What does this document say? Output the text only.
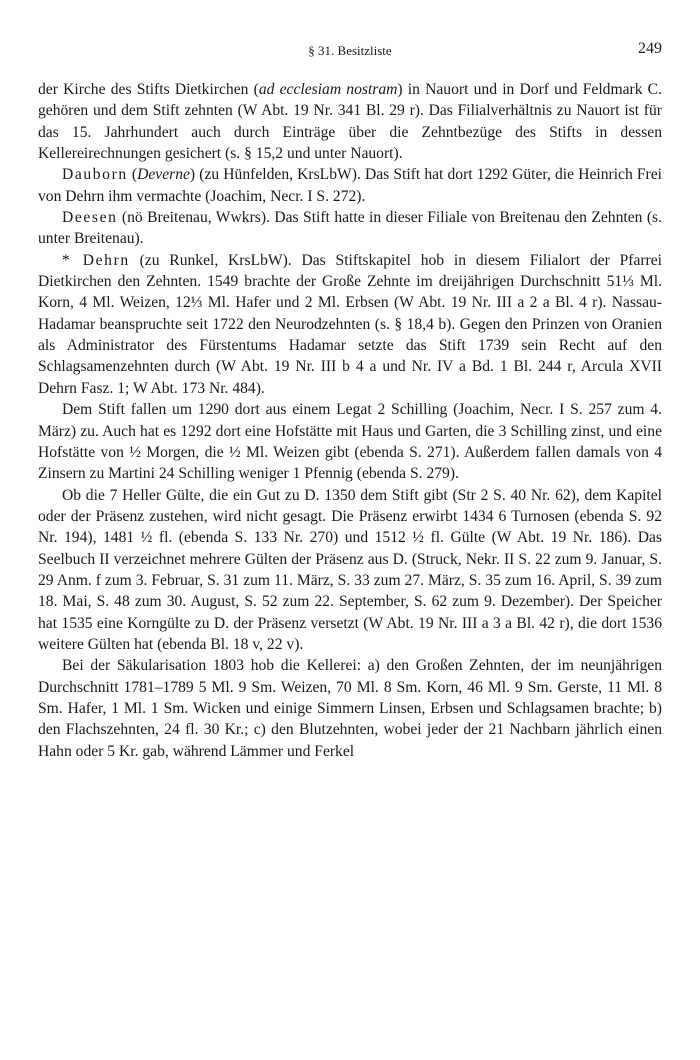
§ 31. Besitzliste	249

der Kirche des Stifts Dietkirchen (ad ecclesiam nostram) in Nauort und in Dorf und Feldmark C. gehören und dem Stift zehnten (W Abt. 19 Nr. 341 Bl. 29 r). Das Filialverhältnis zu Nauort ist für das 15. Jahrhundert auch durch Einträge über die Zehntbezüge des Stifts in dessen Kellereirechnungen gesichert (s. § 15,2 und unter Nauort).

Dauborn (Deverne) (zu Hünfelden, KrsLbW). Das Stift hat dort 1292 Güter, die Heinrich Frei von Dehrn ihm vermachte (Joachim, Necr. I S. 272).

Deesen (nö Breitenau, Wwkrs). Das Stift hatte in dieser Filiale von Breitenau den Zehnten (s. unter Breitenau).

* Dehrn (zu Runkel, KrsLbW). Das Stiftskapitel hob in diesem Filialort der Pfarrei Dietkirchen den Zehnten. 1549 brachte der Große Zehnte im dreijährigen Durchschnitt 51⅓ Ml. Korn, 4 Ml. Weizen, 12⅓ Ml. Hafer und 2 Ml. Erbsen (W Abt. 19 Nr. III a 2 a Bl. 4 r). Nassau-Hadamar beanspruchte seit 1722 den Neurodzehnten (s. § 18,4 b). Gegen den Prinzen von Oranien als Administrator des Fürstentums Hadamar setzte das Stift 1739 sein Recht auf den Schlagsamenzehnten durch (W Abt. 19 Nr. III b 4 a und Nr. IV a Bd. 1 Bl. 244 r, Arcula XVII Dehrn Fasz. 1; W Abt. 173 Nr. 484).

Dem Stift fallen um 1290 dort aus einem Legat 2 Schilling (Joachim, Necr. I S. 257 zum 4. März) zu. Auch hat es 1292 dort eine Hofstätte mit Haus und Garten, die 3 Schilling zinst, und eine Hofstätte von ½ Morgen, die ½ Ml. Weizen gibt (ebenda S. 271). Außerdem fallen damals von 4 Zinsern zu Martini 24 Schilling weniger 1 Pfennig (ebenda S. 279).

Ob die 7 Heller Gülte, die ein Gut zu D. 1350 dem Stift gibt (Str 2 S. 40 Nr. 62), dem Kapitel oder der Präsenz zustehen, wird nicht gesagt. Die Präsenz erwirbt 1434 6 Turnosen (ebenda S. 92 Nr. 194), 1481 ½ fl. (ebenda S. 133 Nr. 270) und 1512 ½ fl. Gülte (W Abt. 19 Nr. 186). Das Seelbuch II verzeichnet mehrere Gülten der Präsenz aus D. (Struck, Nekr. II S. 22 zum 9. Januar, S. 29 Anm. f zum 3. Februar, S. 31 zum 11. März, S. 33 zum 27. März, S. 35 zum 16. April, S. 39 zum 18. Mai, S. 48 zum 30. August, S. 52 zum 22. September, S. 62 zum 9. Dezember). Der Speicher hat 1535 eine Korngülte zu D. der Präsenz versetzt (W Abt. 19 Nr. III a 3 a Bl. 42 r), die dort 1536 weitere Gülten hat (ebenda Bl. 18 v, 22 v).

Bei der Säkularisation 1803 hob die Kellerei: a) den Großen Zehnten, der im neunjährigen Durchschnitt 1781–1789 5 Ml. 9 Sm. Weizen, 70 Ml. 8 Sm. Korn, 46 Ml. 9 Sm. Gerste, 11 Ml. 8 Sm. Hafer, 1 Ml. 1 Sm. Wicken und einige Simmern Linsen, Erbsen und Schlagsamen brachte; b) den Flachszehnten, 24 fl. 30 Kr.; c) den Blutzehnten, wobei jeder der 21 Nachbarn jährlich einen Hahn oder 5 Kr. gab, während Lämmer und Ferkel
